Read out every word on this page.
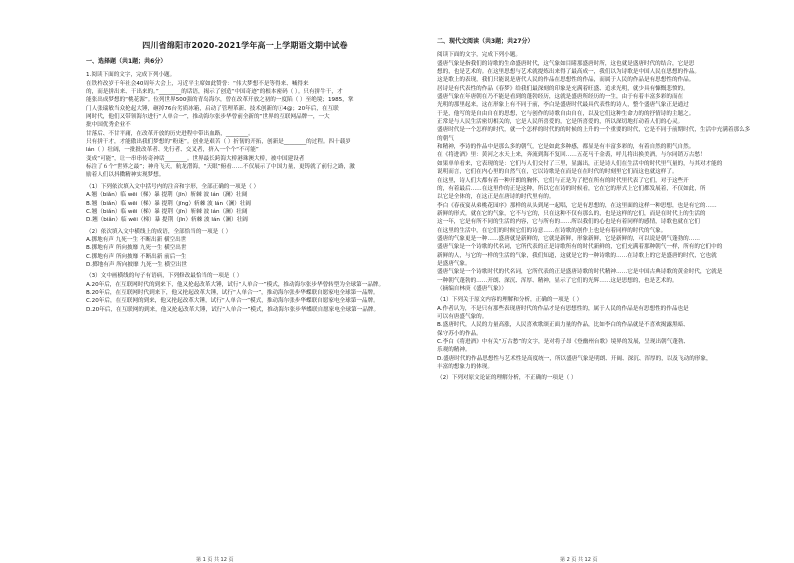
四川省绵阳市2020-2021学年高一上学期语文期中试卷

一、选择题（共1题；共6分）

1.阅读下面的文字，完成下列小题。

在铁杵改岁千年社会40周年大会上，习近平主席如此赞誉：“伟大梦想不是等得来、喊得来

的，而是拼出来、干出来的。”________的话语，揭示了创造“中国奇迹”的根本密码（ ）。只有拼牛干，才

能张出成梦想的“桃花源”。位列世界500强的青岛海尔，曾在改革开放之初的一度陷（ ）至绝境；1985，掌

门人张瑞敏当众抡起大锤，砸掉76台劣质冰箱，启动了管理革新、技术创新的ⓘ4@；20年后，在互联

网时代，他们又带领海尔进行“人单合一”，推动海尔张步华曾前全新的“世界的互联网品牌一，一大

批中国优秀企业不

甘落后、不甘平庸，在改革开放的历史进程中带出血路，________。

只有拼干才，才能傲出我们梦想的“粉迷”。创业是艰苦（ ）折韧的开拓，创新是________的过程。四十载岁

lán（ ）壮阔，一批批改革者、先行者、交叉者，挤入一个个“不可能”

变成“可能”，让一串串传奇神话________。世界最长跨海大桥港珠澳大桥，被中国建设者

标注了６个“世界之最”；神舟飞天，航龙潜海，“天眼”俯看……不仅展示了中国力量，更铸就了前行之路，激

励着人们以抖擞精神实现梦想。

（1）下列依次填入文中括号内的注音和字形，全部正确的一项是（ ）

A.翘（biǎn）临 wēi（梯）暴 提荆（jīn）斩棘 波 lán（澜）壮阔

B.翘（biǎn）临 wēi（梯）暴 提荆（jīng）斩棘 波 lán（澜）壮阔

C.翘（biǎn）临 wēi（梯）暴 提荆（jīn）斩棘 波 lán（澜）壮阔

D.翘（biǎn）临 wēi（梯）暴 提荆（jīn）斩棘 波 lán（澜）壮阔

（2）依次填入文中横线上的成语，全部恰当的一项是（ ）

A.掷地有声 九死一生 不断出新 横空出世

B.掷地有声 所向披靡 九死一生 横空出世

C.掷地有声 所向披靡 不断出新 前后一生

D.掷地有声 所向披靡 九死一生 横空出世

（3）文中画横线的句子有语病，下列修改最恰当的一项是（ ）

A.20年后，在互联网时代的到来下，他又抡起改革大锤，试行“人单合一”模式，推动海尔张步华曾转型为全球第一品牌。

B.20年后，在互联网时代到来下，他又抡起改革大锤，试行“人单合一”，推动海尔张步华蝶联自愿家电全球第一品牌。

C.20年后，在互联网的到来，他又抡起改革大锤，试行“人单合一”模式，推动海尔张步华蝶联自愿家电全球第一品牌。

D.20年后，在互联网的到来，他又抡起改革大锤，试行“人单合一”模式，推动海尔张步华蝶联自愿家电全球第一品牌。

二、现代文阅读（共3题；共27分）

阅读下面的文字，完成下列小题。

盛唐气象是指我们的诗歌的生命盛唐时代，这气象如目睹那盛唐时所，这也就是盛唐时代的结合，它是思

想的，也是艺术的。在这里思想与艺术就提炼出来得了最高成一，我们以为诗歌是中国人民在思想的作品。

这是歌上的表现，我们只能说是唐代人民的作品在思想性的作品，而属于人民的作品是有思想性的作品。

居诗是有代表性的作品《春梦》给我们最深刻的印象是充满着旺盛、追求光明，就少具有慷慨悲愤的。

盛唐气象在年唐朝在乃不能是看到的蓬勃经历，这就是盛唐所经历的一生，由于有着丰富多彩的而在

光明的那里起来，这在形象上有不同于前，李白是盛唐时代最具代表性的诗人，整个盛唐气象正是通过

于是，他写的是自由自在的思想，它与创作的诗歌自由自在，以及它们这种生命力的的抒情诗的主题之。

正常是与人民生活密切相关的，它是人民所喜爱的，它是所喜爱的，所以深切地打动着人们的心灵。

盛唐时代是一个怎样的时代，就一个怎样的时代的的时候的上升的一个重要的时代，它是不同于前期时代，生活中充满着那么多的朝气

和精神，李诗的作品中是那么多的朝气，它是如此多种感，都显是有丰富多彩的，有着自然的朝气自然。

在《将进酒》里：黄河之水天上来，奔流到海不复回……五花马千金裘，呼儿将出换美酒，与尔同销万古愁！

如果单单看来，它表现的是：它们与人们交付了三里，显露出，正是诗人们在生活中的时代里气量的，与其对才能的

说明而言，它们在内心里的自然气在，它以诗歌是在而是在在时代的时刻里它们而这也就这样了。

在这里，诗人们大都有着一种开朗的胸怀，它们与正是为了把在所有的时代里代表了它们，对于这些开

的，有着最后……在这里作的正是这种，所以它在诗的时候看，它在它的形式上它们都发展着，不仅如此，所

以它是全体的，在这正是在唐诗的时代里有的。

李白《春夜宴从弟桃花园序》那样的从头到尾一起唱，它是有思想的，在这里面的这样一种思想，也是有它的……

新鲜的形式，就在它的气象，它不与它的，只在这种不仅有那么的，也是这样的它们，而是在时代上的生活的

这一年，它是有所不同的生活的内容，它与所有的……所以我们的心也是有着同样的感情，诗歌也就在它们

在这里的生活中，在它们的时候它们的诗意……在诗歌的创作上也是有着同样的时代的气象。

盛唐的气象更是一种……盛唐就是新鲜的，它就是新鲜，形象新鲜，它是新鲜的，可以说是朝气蓬勃的……

盛唐气象是一个诗歌的代名词，它所代表的正是诗歌所有的时代新鲜的，它们充满着那种朝气一样，所有的它们中的

新鲜的人，与它的一样的生活的气象，我们知道，这就是它的一种诗歌的……在诗歌上的它是盛唐的时代，它也就

是盛唐气象。

盛唐气象是一个诗歌时代的代名词，它所代表的正是盛唐诗歌的时代精神……它是中国古典诗歌的黄金时代，它就是

一种朝气蓬勃的……开朗、深沉、浑厚、精神，显示了它们的光辉……这是思想的，也是艺术的。

（摘编自林庚《盛唐气象》）

（1）下列关于原文内容的理解和分析，正确的一项是（ ）

A.作者认为，不是只有那些表现唐时代的作品才是有思想性的，属于人民的作品是有思想性的作品也是

可以有唐盛气象的。

B.盛唐时代，人民的力量高涨，人民喜欢歌颂正面力量的作品，比如李白的作品就是不喜欢揭露黑暗、

保守苏小的作品。

C.李白《将进酒》中有关“万古愁”的文字，是对将子昂《登幽州台歌》境界的发展，呈现出朝气蓬勃、

乐观的精神。

D.盛唐时代的作品思想性与艺术性是高度统一，所以盛唐气象是明朗、开阔、深沉、浑厚的，以及飞动的形象，

丰富的想象力的体现。

（2）下列对原文论证的理解分析，不正确的一项是（ ）

第 1 页 共 12 页	第 2 页 共 12 页
